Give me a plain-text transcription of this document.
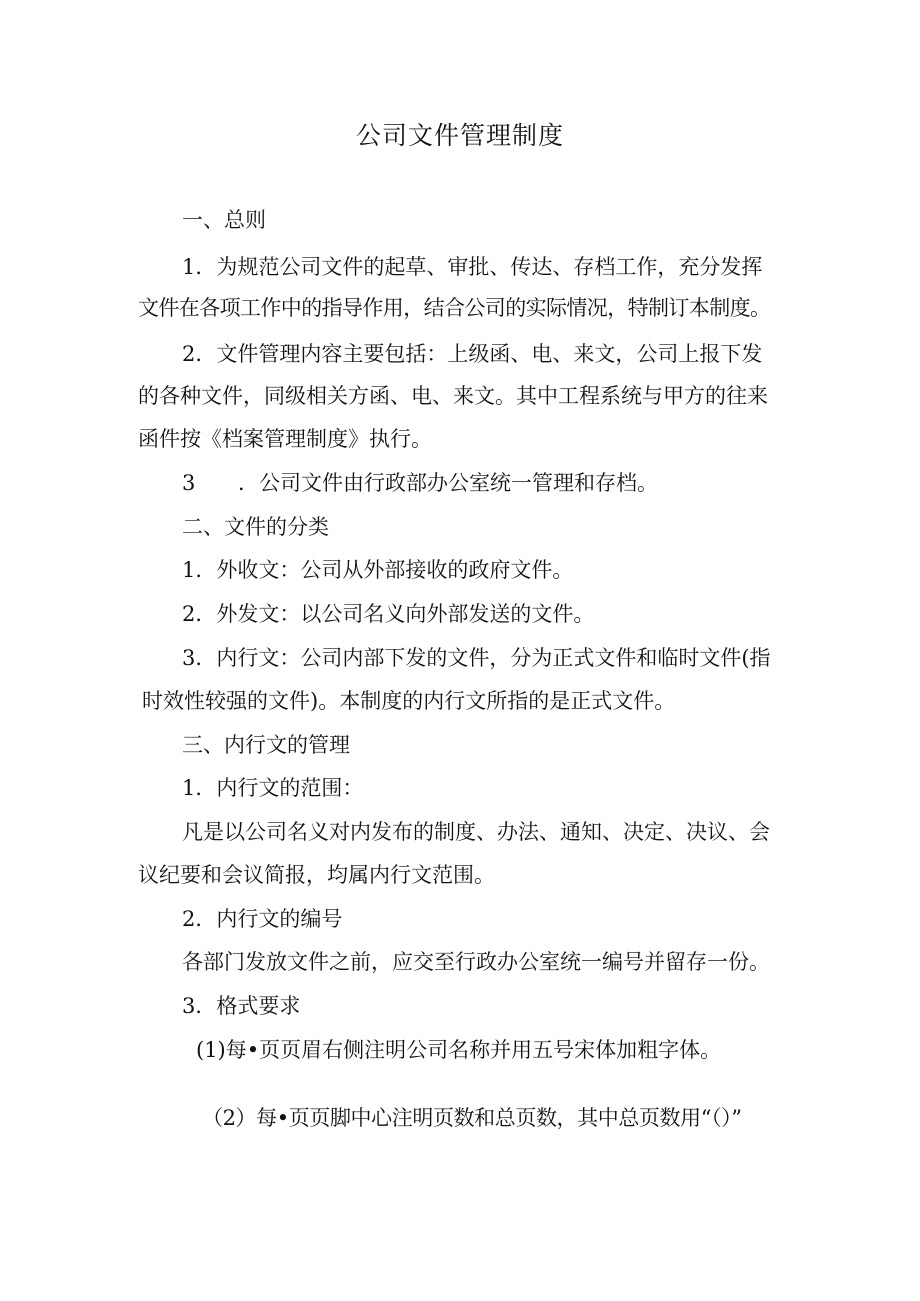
公司文件管理制度
一、总则
1．为规范公司文件的起草、审批、传达、存档工作，充分发挥
文件在各项工作中的指导作用，结合公司的实际情况，特制订本制度。
2．文件管理内容主要包括：上级函、电、来文，公司上报下发
的各种文件，同级相关方函、电、来文。其中工程系统与甲方的往来
函件按《档案管理制度》执行。
3 ．公司文件由行政部办公室统一管理和存档。
二、文件的分类
1．外收文：公司从外部接收的政府文件。
2．外发文：以公司名义向外部发送的文件。
3．内行文：公司内部下发的文件，分为正式文件和临时文件(指
时效性较强的文件)。本制度的内行文所指的是正式文件。
三、内行文的管理
1．内行文的范围：
凡是以公司名义对内发布的制度、办法、通知、决定、决议、会
议纪要和会议简报，均属内行文范围。
2．内行文的编号
各部门发放文件之前，应交至行政办公室统一编号并留存一份。
3．格式要求
(1)每•页页眉右侧注明公司名称并用五号宋体加粗字体。
（2）每•页页脚中心注明页数和总页数，其中总页数用“（）”
